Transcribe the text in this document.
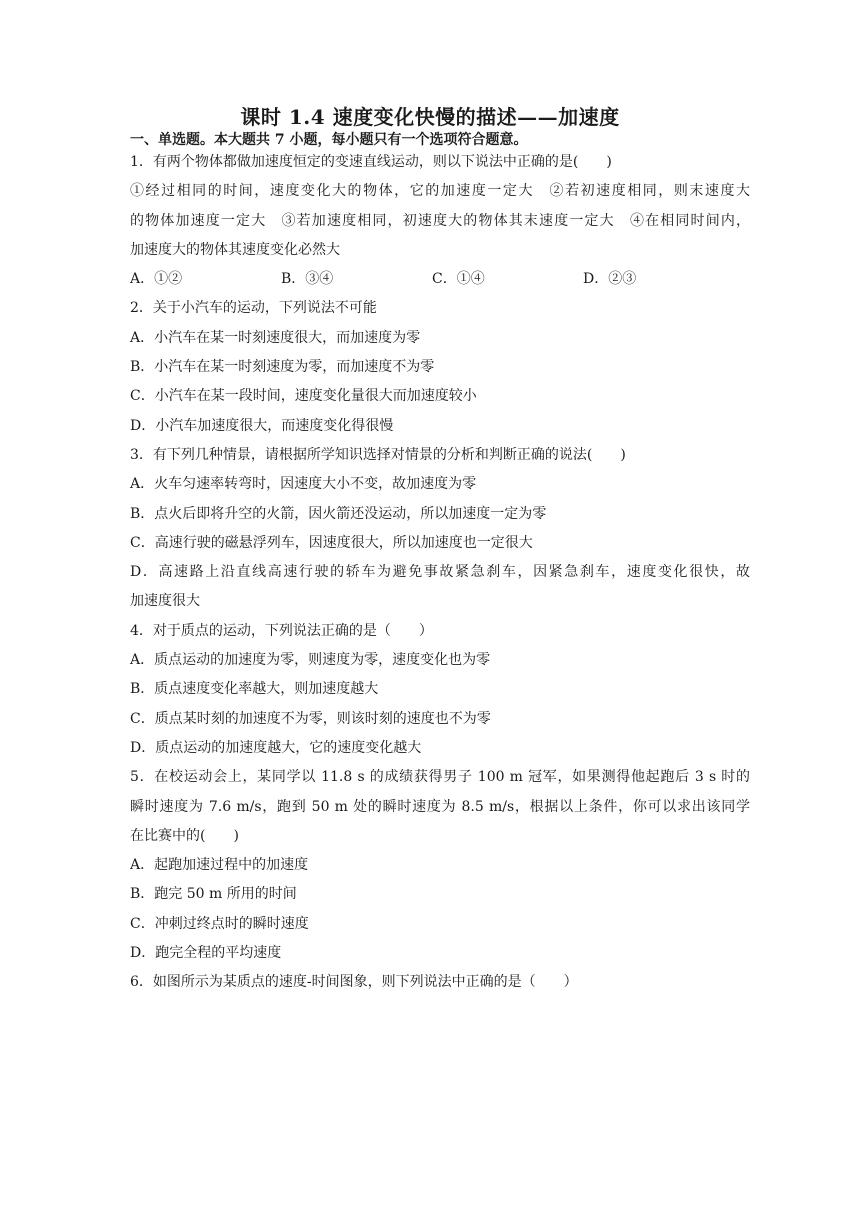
课时 1.4 速度变化快慢的描述——加速度
一、单选题。本大题共 7 小题，每小题只有一个选项符合题意。
1．有两个物体都做加速度恒定的变速直线运动，则以下说法中正确的是(　　)
①经过相同的时间，速度变化大的物体，它的加速度一定大　②若初速度相同，则末速度大
的物体加速度一定大　③若加速度相同，初速度大的物体其末速度一定大　④在相同时间内，
加速度大的物体其速度变化必然大
A．①②	B．③④	C．①④	D．②③
2．关于小汽车的运动，下列说法不可能
A．小汽车在某一时刻速度很大，而加速度为零
B．小汽车在某一时刻速度为零，而加速度不为零
C．小汽车在某一段时间，速度变化量很大而加速度较小
D．小汽车加速度很大，而速度变化得很慢
3．有下列几种情景，请根据所学知识选择对情景的分析和判断正确的说法(　　)
A．火车匀速率转弯时，因速度大小不变，故加速度为零
B．点火后即将升空的火箭，因火箭还没运动，所以加速度一定为零
C．高速行驶的磁悬浮列车，因速度很大，所以加速度也一定很大
D．高速路上沿直线高速行驶的轿车为避免事故紧急刹车，因紧急刹车，速度变化很快，故
加速度很大
4．对于质点的运动，下列说法正确的是（　　）
A．质点运动的加速度为零，则速度为零，速度变化也为零
B．质点速度变化率越大，则加速度越大
C．质点某时刻的加速度不为零，则该时刻的速度也不为零
D．质点运动的加速度越大，它的速度变化越大
5．在校运动会上，某同学以 11.8 s 的成绩获得男子 100 m 冠军，如果测得他起跑后 3 s 时的
瞬时速度为 7.6 m/s，跑到 50 m 处的瞬时速度为 8.5 m/s，根据以上条件，你可以求出该同学
在比赛中的(　　)
A．起跑加速过程中的加速度
B．跑完 50 m 所用的时间
C．冲刺过终点时的瞬时速度
D．跑完全程的平均速度
6．如图所示为某质点的速度-时间图象，则下列说法中正确的是（　　）
